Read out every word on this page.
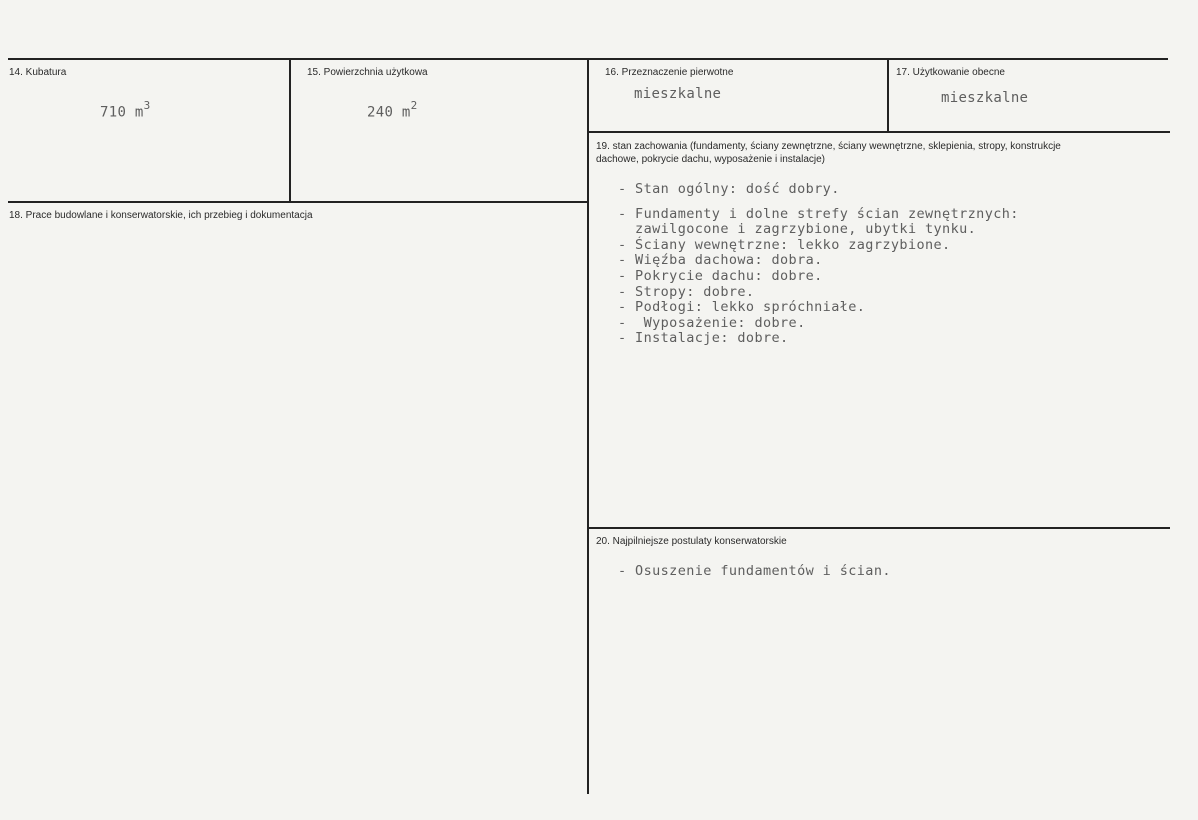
14. Kubatura
710 $m^3$
15. Powierzchnia użytkowa
240 $m^2$
16. Przeznaczenie pierwotne
mieszkalne
17. Użytkowanie obecne
mieszkalne
18. Prace budowlane i konserwatorskie, ich przebieg i dokumentacja
19. stan zachowania (fundamenty, ściany zewnętrzne, ściany wewnętrzne, sklepienia, stropy, konstrukcje dachowe, pokrycie dachu, wyposażenie i instalacje)
- Stan ogólny: dość dobry.
- Fundamenty i dolne strefy ścian zewnętrznych:
zawilgocone i zagrzybione, ubytki tynku.
- Ściany wewnętrzne: lekko zagrzybione.
- Więźba dachowa: dobra.
- Pokrycie dachu: dobre.
- Stropy: dobre.
- Podłogi: lekko spróchniałe.
-  Wyposażenie: dobre.
- Instalacje: dobre.
20. Najpilniejsze postulaty konserwatorskie
- Osuszenie fundamentów i ścian.
